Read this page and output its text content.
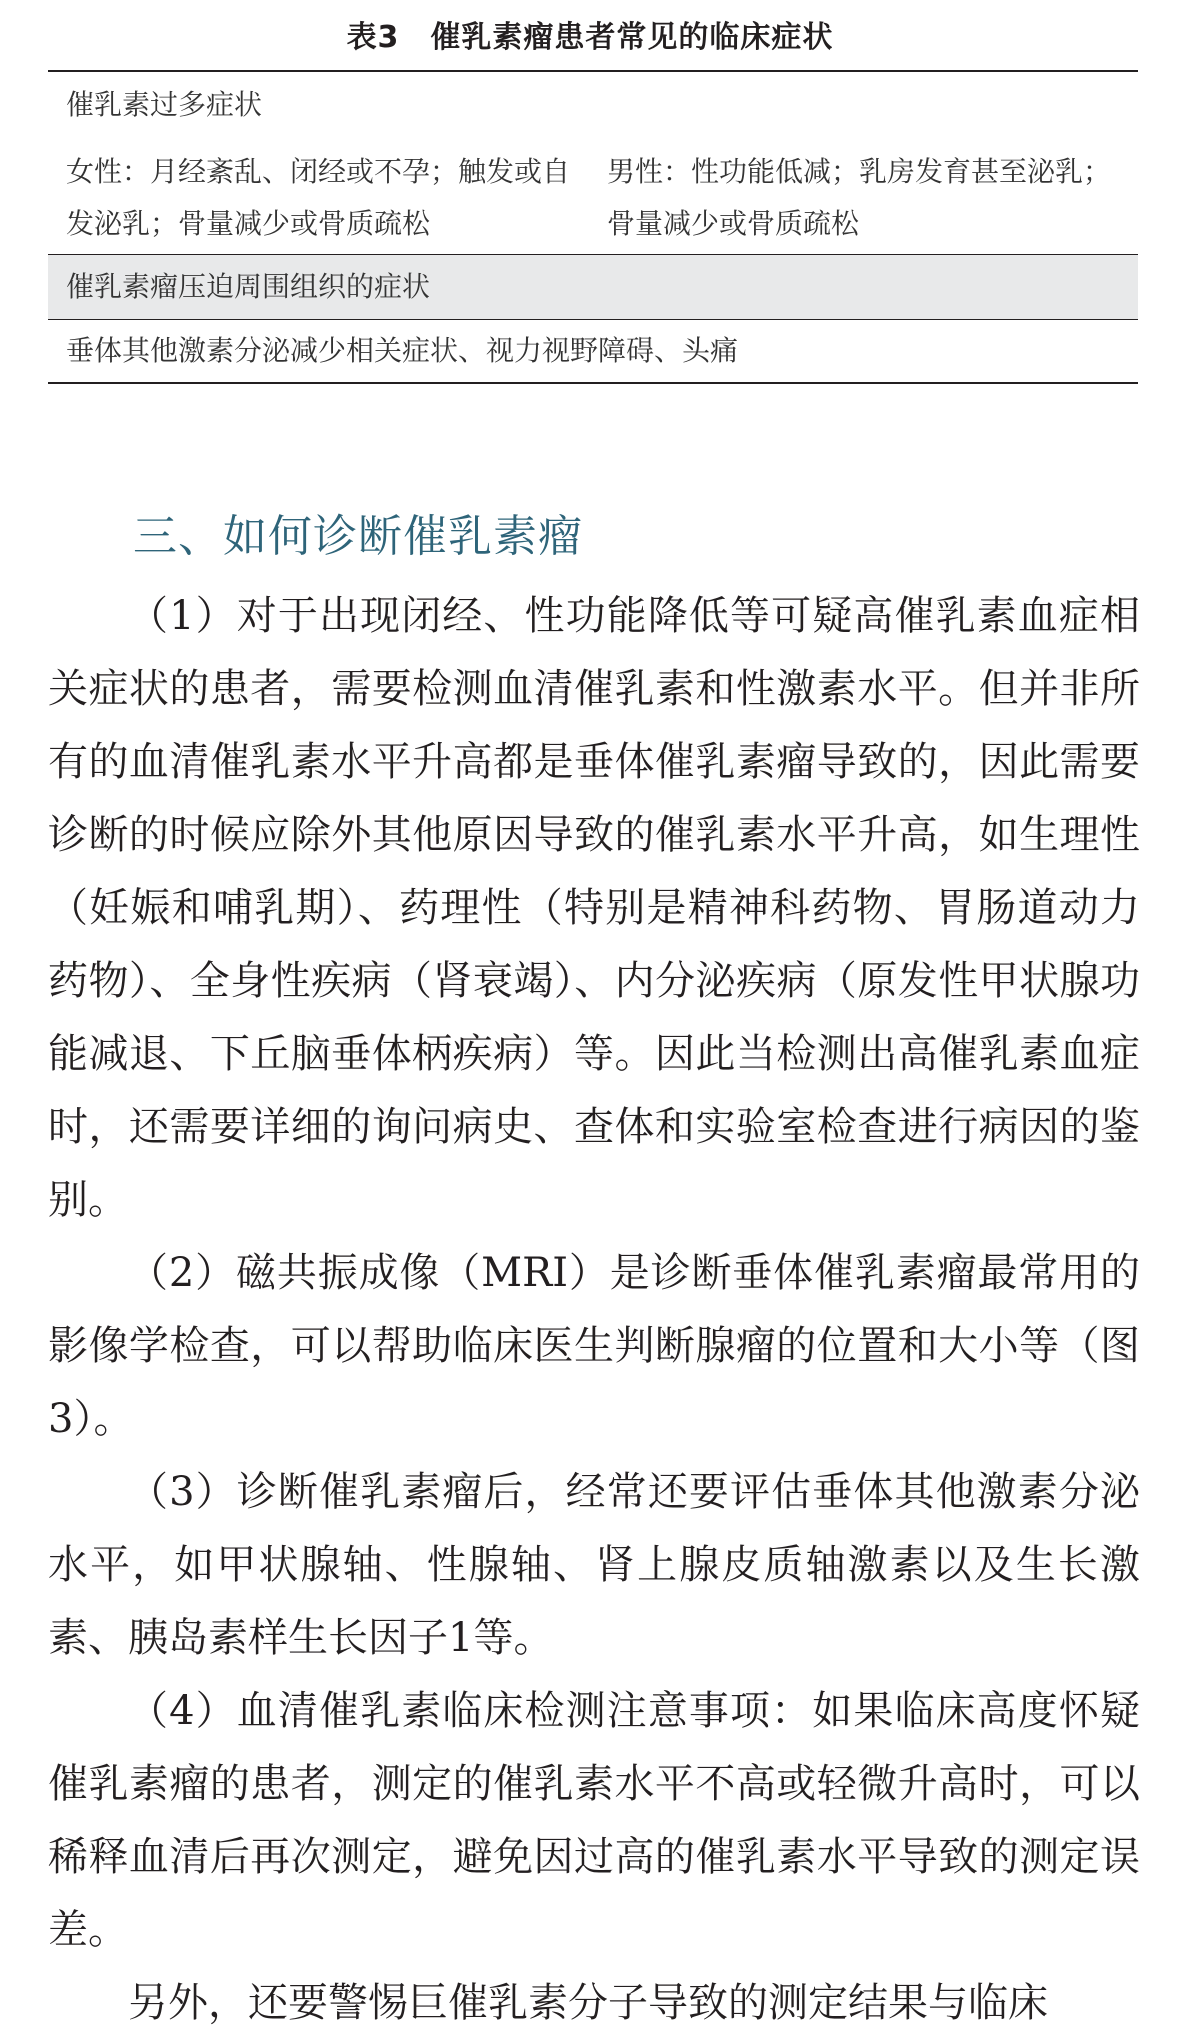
表3　催乳素瘤患者常见的临床症状
催乳素过多症状
女性：月经紊乱、闭经或不孕；触发或自发泌乳；骨量减少或骨质疏松
男性：性功能低减；乳房发育甚至泌乳；骨量减少或骨质疏松
催乳素瘤压迫周围组织的症状
垂体其他激素分泌减少相关症状、视力视野障碍、头痛
三、如何诊断催乳素瘤

（1）对于出现闭经、性功能降低等可疑高催乳素血症相关症状的患者，需要检测血清催乳素和性激素水平。但并非所有的血清催乳素水平升高都是垂体催乳素瘤导致的，因此需要诊断的时候应除外其他原因导致的催乳素水平升高，如生理性（妊娠和哺乳期）、药理性（特别是精神科药物、胃肠道动力药物）、全身性疾病（肾衰竭）、内分泌疾病（原发性甲状腺功能减退、下丘脑垂体柄疾病）等。因此当检测出高催乳素血症时，还需要详细的询问病史、查体和实验室检查进行病因的鉴别。

（2）磁共振成像（MRI）是诊断垂体催乳素瘤最常用的影像学检查，可以帮助临床医生判断腺瘤的位置和大小等（图3）。

（3）诊断催乳素瘤后，经常还要评估垂体其他激素分泌水平，如甲状腺轴、性腺轴、肾上腺皮质轴激素以及生长激素、胰岛素样生长因子1等。

（4）血清催乳素临床检测注意事项：如果临床高度怀疑催乳素瘤的患者，测定的催乳素水平不高或轻微升高时，可以稀释血清后再次测定，避免因过高的催乳素水平导致的测定误差。

另外，还要警惕巨催乳素分子导致的测定结果与临床
